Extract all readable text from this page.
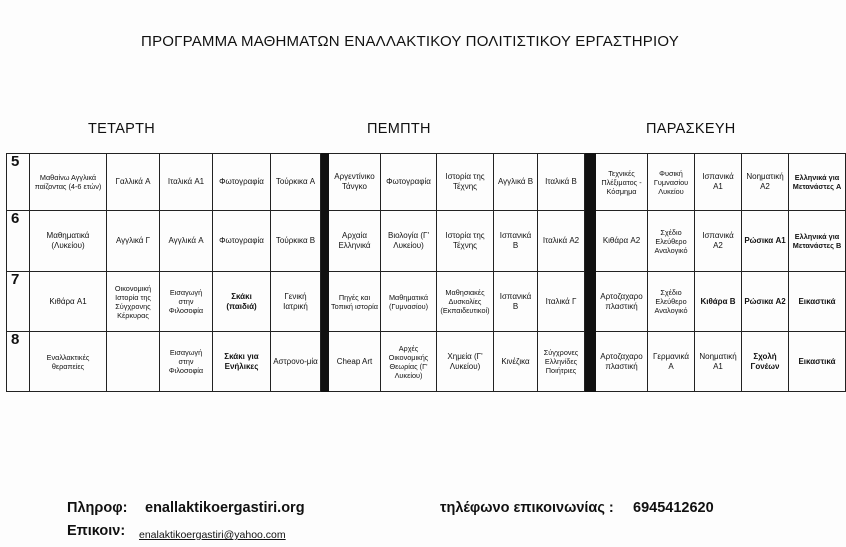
ΠΡΟΓΡΑΜΜΑ ΜΑΘΗΜΑΤΩΝ ΕΝΑΛΛΑΚΤΙΚΟΥ ΠΟΛΙΤΙΣΤΙΚΟΥ ΕΡΓΑΣΤΗΡΙΟΥ
ΤΕΤΑΡΤΗ	ΠΕΜΠΤΗ	ΠΑΡΑΣΚΕΥΗ
5	Μαθαίνω Αγγλικά παίζοντας (4-6 ετών)	Γαλλικά A	Ιταλικά A1	Φωτογραφία	Τούρκικα A		Αργεντίνικο Τάνγκο	Φωτογραφία	Ιστορία της Τέχνης	Αγγλικά B	Ιταλικά B		Τεχνικές Πλέξιματος - Κόσμημα	Φυσική Γυμνασίου Λυκείου	Ισπανικά A1	Νοηματική A2	Ελληνικά για Μετανάστες A
6	Μαθηματικά (Λυκείου)	Αγγλικά Γ	Αγγλικά A	Φωτογραφία	Τούρκικα B		Αρχαία Ελληνικά	Βιολογία (Γ' Λυκείου)	Ιστορία της Τέχνης	Ισπανικά B	Ιταλικά A2		Κιθάρα A2	Σχέδιο Ελεύθερο Αναλογικό	Ισπανικά A2	Ρώσικα A1	Ελληνικά για Μετανάστες B
7	Κιθάρα A1	Οικονομική Ιστορία της Σύγχρονης Κέρκυρας	Εισαγωγή στην Φιλοσοφία	Σκάκι (παιδιά)	Γενική Ιατρική		Πηγές και Τοπική ιστορία	Μαθηματικά (Γυμνασίου)	Μαθησιακές Δυσκολίες (Εκπαιδευτικοί)	Ισπανικά B	Ιταλικά Γ		Αρτοζαχαρο πλαστική	Σχέδιο Ελεύθερο Αναλογικό	Κιθάρα B	Ρώσικα A2	Εικαστικά
8	Εναλλακτικές θεραπείες		Εισαγωγή στην Φιλοσοφία	Σκάκι για Ενήλικες	Αστρονο-μία		Cheap Art	Αρχές Οικονομικής Θεωρίας (Γ' Λυκείου)	Χημεία (Γ' Λυκείου)	Κινέζικα	Σύγχρονες Ελληνίδες Ποιήτριες		Αρτοζαχαρο πλαστική	Γερμανικά A	Νοηματική A1	Σχολή Γονέων	Εικαστικά
Πληροφ: enallaktikoergastiri.org	τηλέφωνο επικοινωνίας : 6945412620
Επικοιν: enalaktikoergastiri@yahoo.com
